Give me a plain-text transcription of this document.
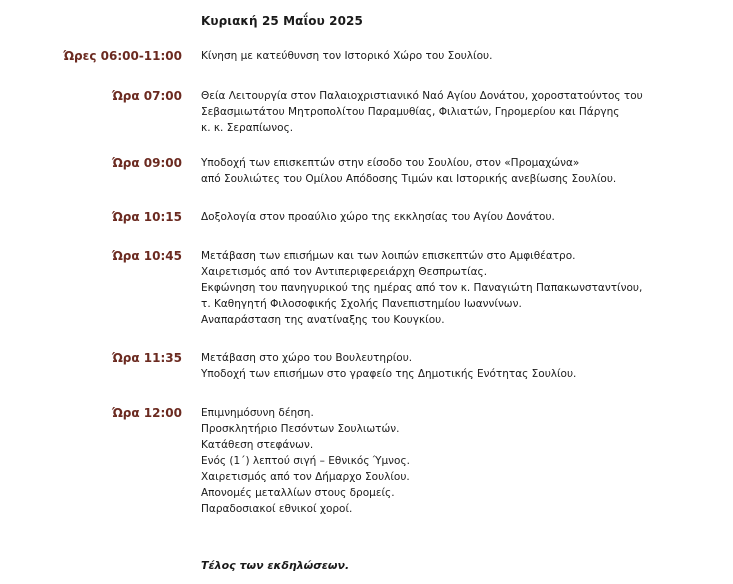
Κυριακή 25 Μαΐου 2025
Ώρες 06:00-11:00 Κίνηση με κατεύθυνση τον Ιστορικό Χώρο του Σουλίου.
Ώρα 07:00 Θεία Λειτουργία στον Παλαιοχριστιανικό Ναό Αγίου Δονάτου, χοροστατούντος του
Σεβασμιωτάτου Μητροπολίτου Παραμυθίας, Φιλιατών, Γηρομερίου και Πάργης
κ. κ. Σεραπίωνος.
Ώρα 09:00 Υποδοχή των επισκεπτών στην είσοδο του Σουλίου, στον «Προμαχώνα»
από Σουλιώτες του Ομίλου Απόδοσης Τιμών και Ιστορικής ανεβίωσης Σουλίου.
Ώρα 10:15 Δοξολογία στον προαύλιο χώρο της εκκλησίας του Αγίου Δονάτου.
Ώρα 10:45 Μετάβαση των επισήμων και των λοιπών επισκεπτών στο Αμφιθέατρο.
Χαιρετισμός από τον Αντιπεριφερειάρχη Θεσπρωτίας.
Εκφώνηση του πανηγυρικού της ημέρας από τον κ. Παναγιώτη Παπακωνσταντίνου,
τ. Καθηγητή Φιλοσοφικής Σχολής Πανεπιστημίου Ιωαννίνων.
Αναπαράσταση της ανατίναξης του Κουγκίου.
Ώρα 11:35 Μετάβαση στο χώρο του Βουλευτηρίου.
Υποδοχή των επισήμων στο γραφείο της Δημοτικής Ενότητας Σουλίου.
Ώρα 12:00 Επιμνημόσυνη δέηση.
Προσκλητήριο Πεσόντων Σουλιωτών.
Κατάθεση στεφάνων.
Ενός (1΄) λεπτού σιγή – Εθνικός Ύμνος.
Χαιρετισμός από τον Δήμαρχο Σουλίου.
Απονομές μεταλλίων στους δρομείς.
Παραδοσιακοί εθνικοί χοροί.
Τέλος των εκδηλώσεων.
